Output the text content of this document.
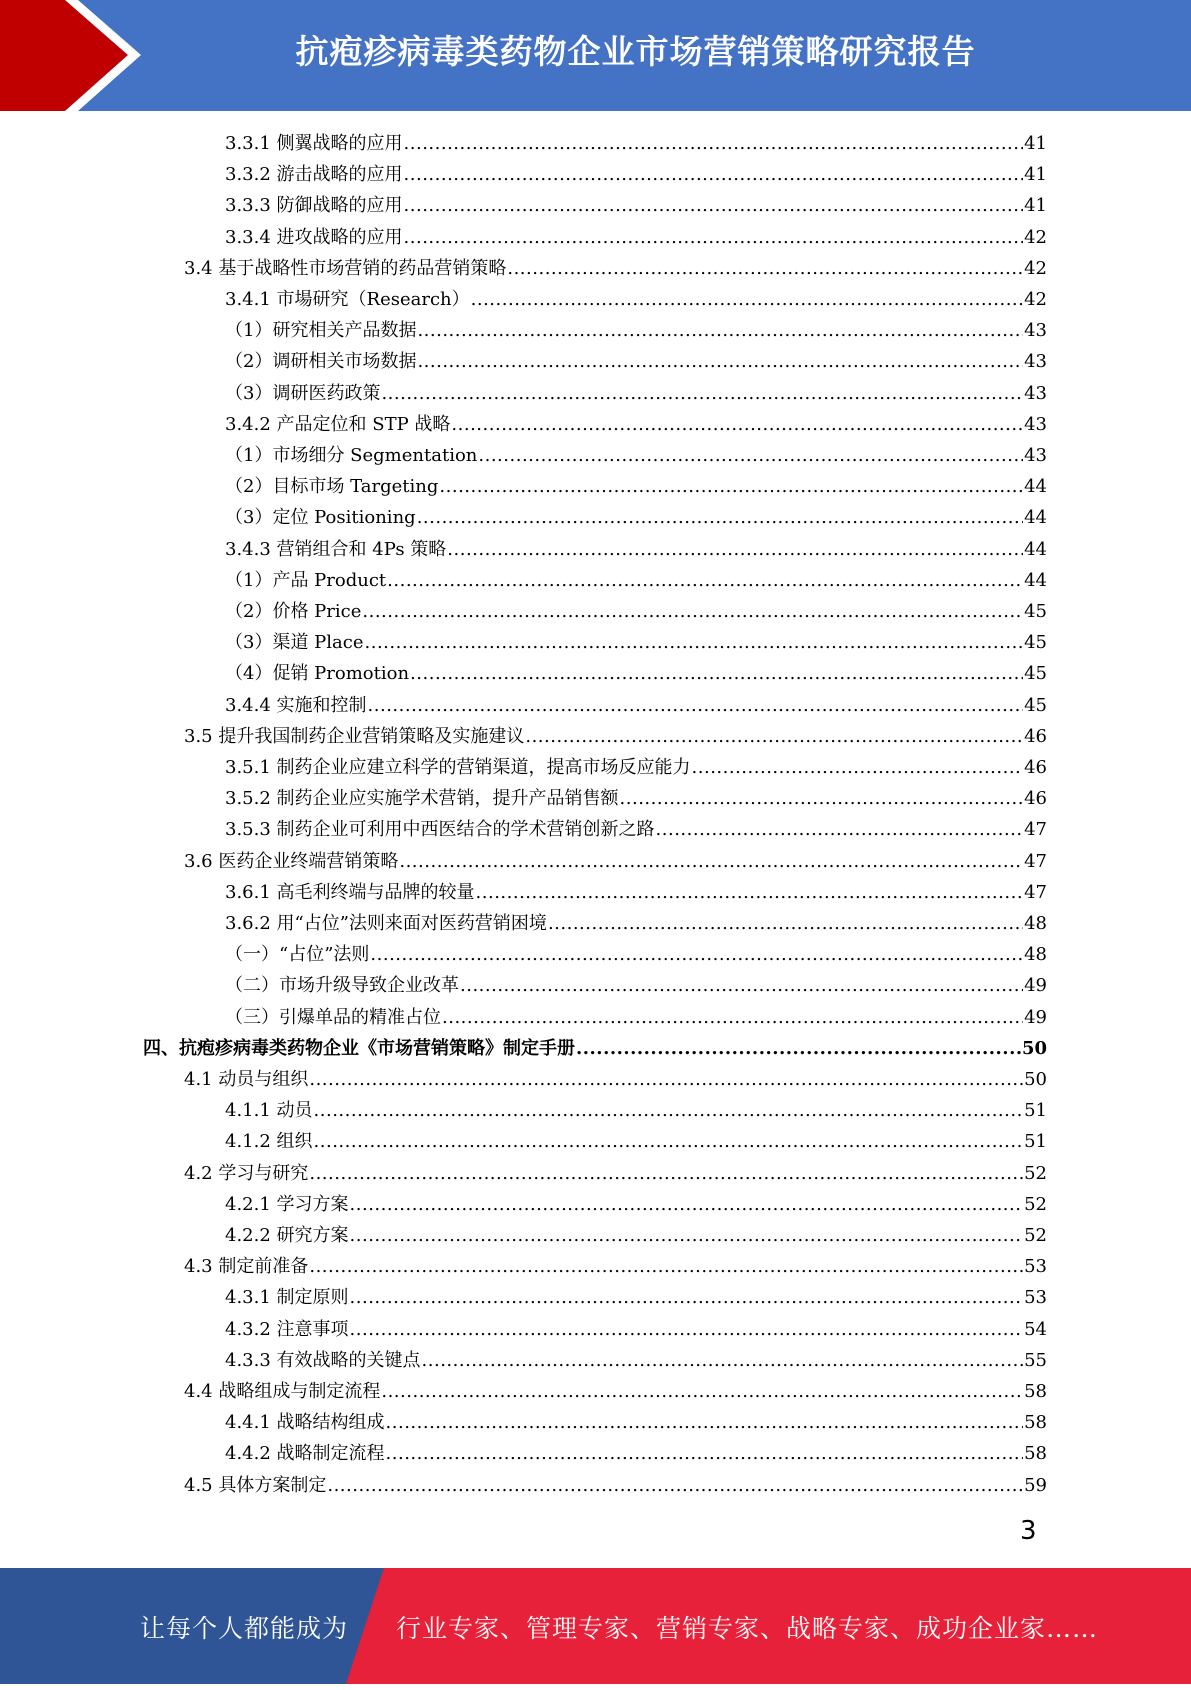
抗疱疹病毒类药物企业市场营销策略研究报告
3.3.1 侧翼战略的应用 .....	41
3.3.2 游击战略的应用 .....	41
3.3.3 防御战略的应用 .....	41
3.3.4 进攻战略的应用 .....	42
3.4 基于战略性市场营销的药品营销策略 .....	42
3.4.1 市場研究（Research） .....	42
（1）研究相关产品数据 .....	43
（2）调研相关市场数据 .....	43
（3）调研医药政策 .....	43
3.4.2 产品定位和 STP 战略 .....	43
（1）市场细分 Segmentation .....	43
（2）目标市场 Targeting .....	44
（3）定位 Positioning .....	44
3.4.3 营销组合和 4Ps 策略 .....	44
（1）产品 Product .....	44
（2）价格 Price .....	45
（3）渠道 Place .....	45
（4）促销 Promotion .....	45
3.4.4 实施和控制 .....	45
3.5 提升我国制药企业营销策略及实施建议 .....	46
3.5.1 制药企业应建立科学的营销渠道，提高市场反应能力 .....	46
3.5.2 制药企业应实施学术营销，提升产品销售额 .....	46
3.5.3 制药企业可利用中西医结合的学术营销创新之路 .....	47
3.6 医药企业终端营销策略 .....	47
3.6.1 高毛利终端与品牌的较量 .....	47
3.6.2 用“占位”法则来面对医药营销困境 .....	48
（一）“占位”法则 .....	48
（二）市场升级导致企业改革 .....	49
（三）引爆单品的精准占位 .....	49
四、抗疱疹病毒类药物企业《市场营销策略》制定手册 .....	50
4.1 动员与组织 .....	50
4.1.1 动员 .....	51
4.1.2 组织 .....	51
4.2 学习与研究 .....	52
4.2.1 学习方案 .....	52
4.2.2 研究方案 .....	52
4.3 制定前准备 .....	53
4.3.1 制定原则 .....	53
4.3.2 注意事项 .....	54
4.3.3 有效战略的关键点 .....	55
4.4 战略组成与制定流程 .....	58
4.4.1 战略结构组成 .....	58
4.4.2 战略制定流程 .....	58
4.5 具体方案制定 .....	59
3
让每个人都能成为 行业专家、管理专家、营销专家、战略专家、成功企业家……
